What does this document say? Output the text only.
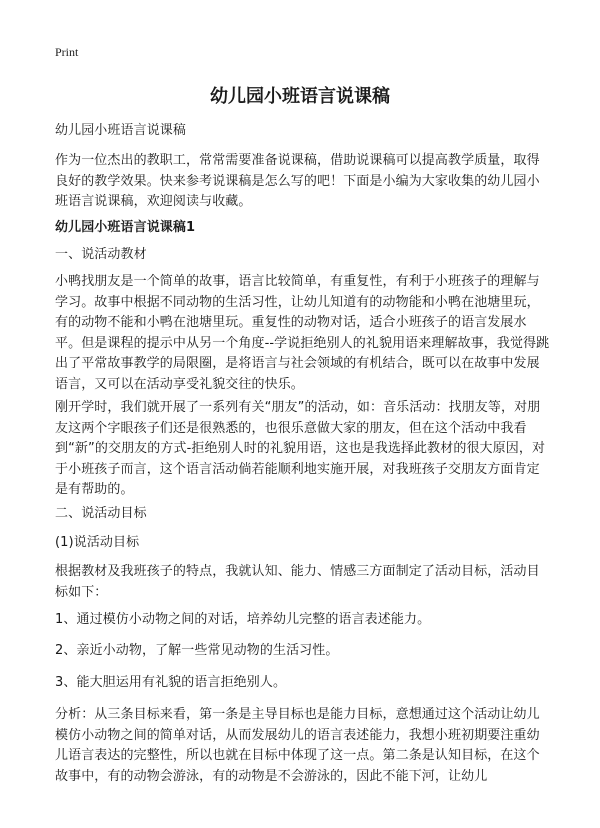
Print
幼儿园小班语言说课稿

幼儿园小班语言说课稿

作为一位杰出的教职工，常常需要准备说课稿，借助说课稿可以提高教学质量，取得良好的教学效果。快来参考说课稿是怎么写的吧！下面是小编为大家收集的幼儿园小班语言说课稿，欢迎阅读与收藏。

幼儿园小班语言说课稿1

一、说活动教材

小鸭找朋友是一个简单的故事，语言比较简单，有重复性，有利于小班孩子的理解与学习。故事中根据不同动物的生活习性，让幼儿知道有的动物能和小鸭在池塘里玩，有的动物不能和小鸭在池塘里玩。重复性的动物对话，适合小班孩子的语言发展水平。但是课程的提示中从另一个角度--学说拒绝别人的礼貌用语来理解故事，我觉得跳出了平常故事教学的局限圈，是将语言与社会领域的有机结合，既可以在故事中发展语言，又可以在活动享受礼貌交往的快乐。

刚开学时，我们就开展了一系列有关“朋友”的活动，如：音乐活动：找朋友等，对朋友这两个字眼孩子们还是很熟悉的，也很乐意做大家的朋友，但在这个活动中我看到“新”的交朋友的方式-拒绝别人时的礼貌用语，这也是我选择此教材的很大原因，对于小班孩子而言，这个语言活动倘若能顺利地实施开展，对我班孩子交朋友方面肯定是有帮助的。

二、说活动目标

(1)说活动目标

根据教材及我班孩子的特点，我就认知、能力、情感三方面制定了活动目标，活动目标如下：

1、通过模仿小动物之间的对话，培养幼儿完整的语言表述能力。

2、亲近小动物，了解一些常见动物的生活习性。

3、能大胆运用有礼貌的语言拒绝别人。

分析：从三条目标来看，第一条是主导目标也是能力目标，意想通过这个活动让幼儿模仿小动物之间的简单对话，从而发展幼儿的语言表述能力，我想小班初期要注重幼儿语言表达的完整性，所以也就在目标中体现了这一点。第二条是认知目标，在这个故事中，有的动物会游泳，有的动物是不会游泳的，因此不能下河，让幼儿
